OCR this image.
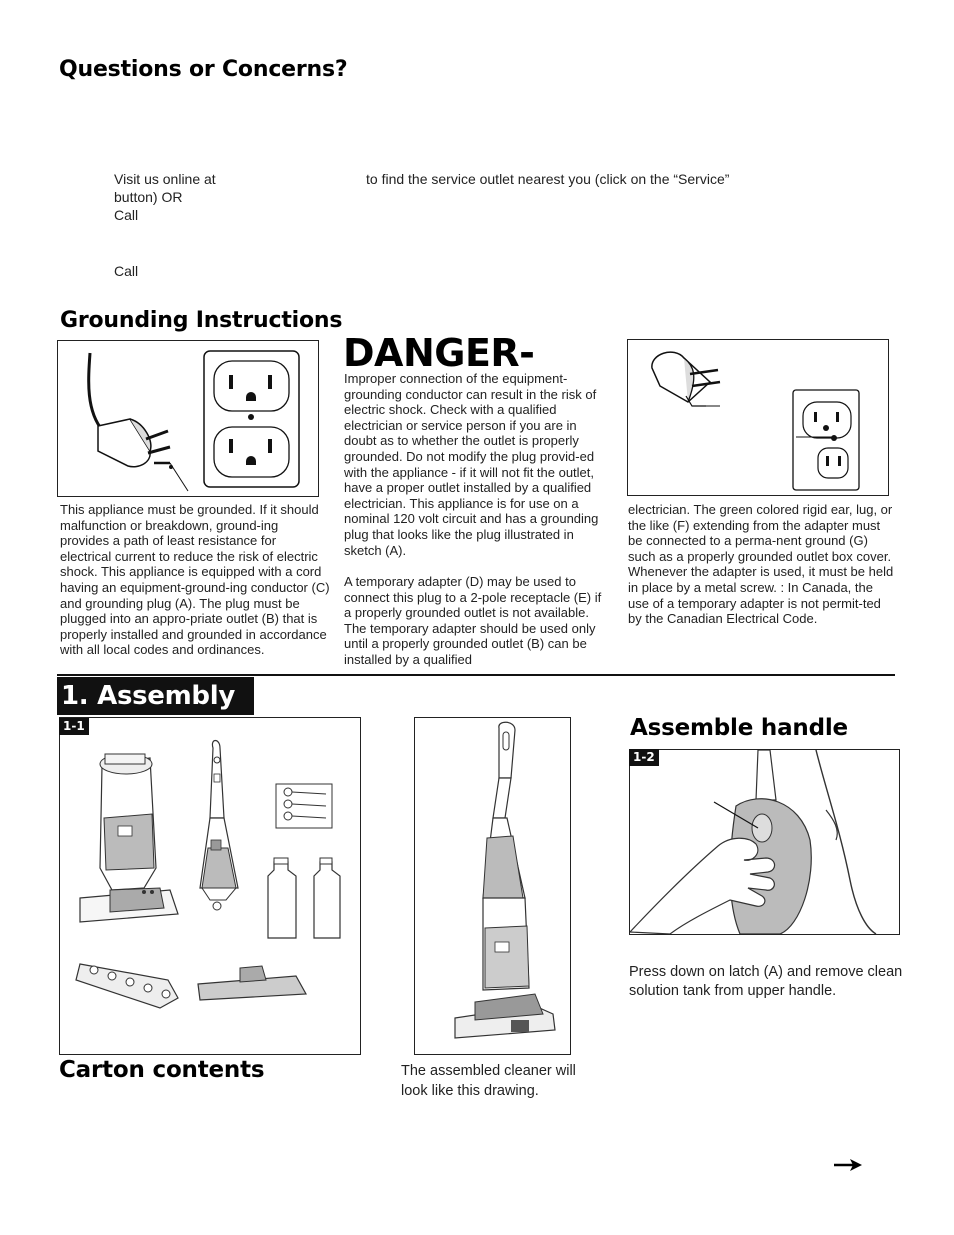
Questions or Concerns?
Visit us online at
button) OR
Call
to find the service outlet nearest you (click on the “Service”
Call
Grounding Instructions
This appliance must be grounded. If it should malfunction or breakdown, ground-ing provides a path of least resistance for electrical current to reduce the risk of electric shock. This appliance is equipped with a cord having an equipment-ground-ing conductor (C) and grounding plug (A). The plug must be plugged into an appro-priate outlet (B) that is properly installed and grounded in accordance with all local codes and ordinances.
DANGER-
Improper connection of the equipment-grounding conductor can result in the risk of electric shock. Check with a qualified electrician or service person if you are in doubt as to whether the outlet is properly grounded. Do not modify the plug provid-ed with the appliance - if it will not fit the outlet, have a proper outlet installed by a qualified electrician. This appliance is for use on a nominal 120 volt circuit and has a grounding plug that looks like the plug illustrated in sketch (A).
A temporary adapter (D) may be used to connect this plug to a 2-pole receptacle (E) if a properly grounded outlet is not available. The temporary adapter should be used only until a properly grounded outlet (B) can be installed by a qualified
electrician. The green colored rigid ear, lug, or the like (F) extending from the adapter must be connected to a perma-nent ground (G) such as a properly grounded outlet box cover. Whenever the adapter is used, it must be held in place by a metal screw. : In Canada, the use of a temporary adapter is not permit-ted by the Canadian Electrical Code.
1. Assembly
1-1
Carton contents	The assembled cleaner will look like this drawing.
Assemble handle
1-2
Press down on latch (A) and remove clean solution tank from upper handle.
